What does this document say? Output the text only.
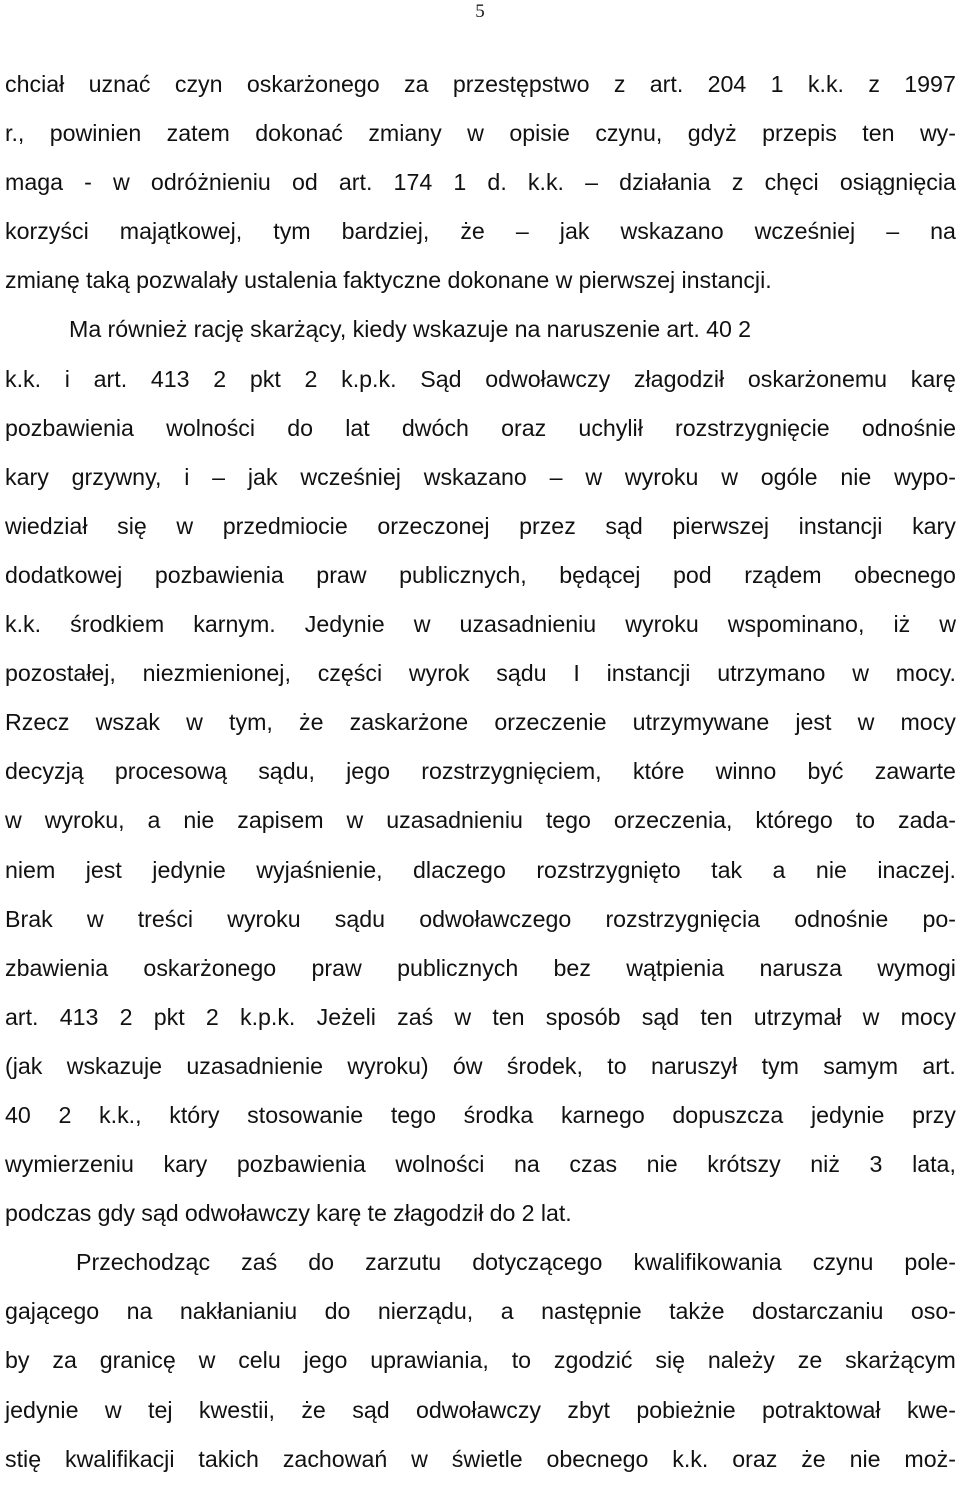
5
chciał uznać czyn oskarżonego za przestępstwo z art. 204 1 k.k. z 1997
r., powinien zatem dokonać zmiany w opisie czynu, gdyż przepis ten wy-
maga - w odróżnieniu od art. 174 1 d. k.k. – działania z chęci osiągnięcia
korzyści majątkowej, tym bardziej, że – jak wskazano wcześniej – na
zmianę taką pozwalały ustalenia faktyczne dokonane w pierwszej instancji.
Ma również rację skarżący, kiedy wskazuje na naruszenie art. 40 2
k.k. i art. 413 2 pkt 2 k.p.k. Sąd odwoławczy złagodził oskarżonemu karę
pozbawienia wolności do lat dwóch oraz uchylił rozstrzygnięcie odnośnie
kary grzywny, i – jak wcześniej wskazano – w wyroku w ogóle nie wypo-
wiedział się w przedmiocie orzeczonej przez sąd pierwszej instancji kary
dodatkowej pozbawienia praw publicznych, będącej pod rządem obecnego
k.k. środkiem karnym. Jedynie w uzasadnieniu wyroku wspominano, iż w
pozostałej, niezmienionej, części wyrok sądu I instancji utrzymano w mocy.
Rzecz wszak w tym, że zaskarżone orzeczenie utrzymywane jest w mocy
decyzją procesową sądu, jego rozstrzygnięciem, które winno być zawarte
w wyroku, a nie zapisem w uzasadnieniu tego orzeczenia, którego to zada-
niem jest jedynie wyjaśnienie, dlaczego rozstrzygnięto tak a nie inaczej.
Brak w treści wyroku sądu odwoławczego rozstrzygnięcia odnośnie po-
zbawienia oskarżonego praw publicznych bez wątpienia narusza wymogi
art. 413 2 pkt 2 k.p.k. Jeżeli zaś w ten sposób sąd ten utrzymał w mocy
(jak wskazuje uzasadnienie wyroku) ów środek, to naruszył tym samym art.
40 2 k.k., który stosowanie tego środka karnego dopuszcza jedynie przy
wymierzeniu kary pozbawienia wolności na czas nie krótszy niż 3 lata,
podczas gdy sąd odwoławczy karę te złagodził do 2 lat.
Przechodząc zaś do zarzutu dotyczącego kwalifikowania czynu pole-
gającego na nakłanianiu do nierządu, a następnie także dostarczaniu oso-
by za granicę w celu jego uprawiania, to zgodzić się należy ze skarżącym
jedynie w tej kwestii, że sąd odwoławczy zbyt pobieżnie potraktował kwe-
stię kwalifikacji takich zachowań w świetle obecnego k.k. oraz że nie moż-
